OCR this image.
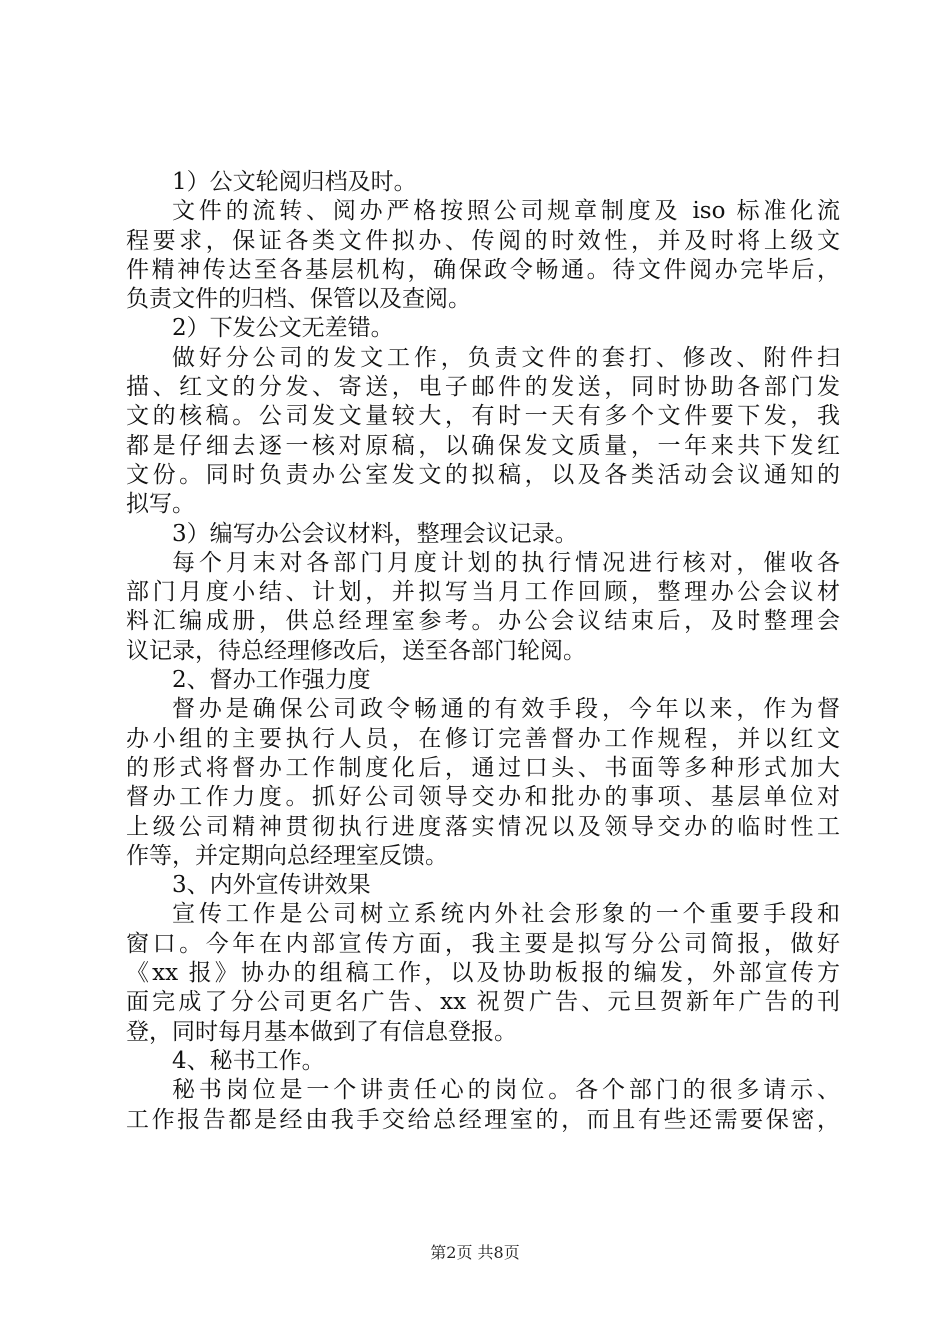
1）公文轮阅归档及时。
文件的流转、阅办严格按照公司规章制度及 iso 标准化流
程要求，保证各类文件拟办、传阅的时效性，并及时将上级文
件精神传达至各基层机构，确保政令畅通。待文件阅办完毕后，
负责文件的归档、保管以及查阅。
2）下发公文无差错。
做好分公司的发文工作，负责文件的套打、修改、附件扫
描、红文的分发、寄送，电子邮件的发送，同时协助各部门发
文的核稿。公司发文量较大，有时一天有多个文件要下发，我
都是仔细去逐一核对原稿，以确保发文质量，一年来共下发红
文份。同时负责办公室发文的拟稿，以及各类活动会议通知的
拟写。
3）编写办公会议材料，整理会议记录。
每个月末对各部门月度计划的执行情况进行核对，催收各
部门月度小结、计划，并拟写当月工作回顾，整理办公会议材
料汇编成册，供总经理室参考。办公会议结束后，及时整理会
议记录，待总经理修改后，送至各部门轮阅。
2、督办工作强力度
督办是确保公司政令畅通的有效手段，今年以来，作为督
办小组的主要执行人员，在修订完善督办工作规程，并以红文
的形式将督办工作制度化后，通过口头、书面等多种形式加大
督办工作力度。抓好公司领导交办和批办的事项、基层单位对
上级公司精神贯彻执行进度落实情况以及领导交办的临时性工
作等，并定期向总经理室反馈。
3、内外宣传讲效果
宣传工作是公司树立系统内外社会形象的一个重要手段和
窗口。今年在内部宣传方面，我主要是拟写分公司简报，做好
《xx 报》协办的组稿工作，以及协助板报的编发，外部宣传方
面完成了分公司更名广告、xx 祝贺广告、元旦贺新年广告的刊
登，同时每月基本做到了有信息登报。
4、秘书工作。
秘书岗位是一个讲责任心的岗位。各个部门的很多请示、
工作报告都是经由我手交给总经理室的，而且有些还需要保密，
第2页 共8页
